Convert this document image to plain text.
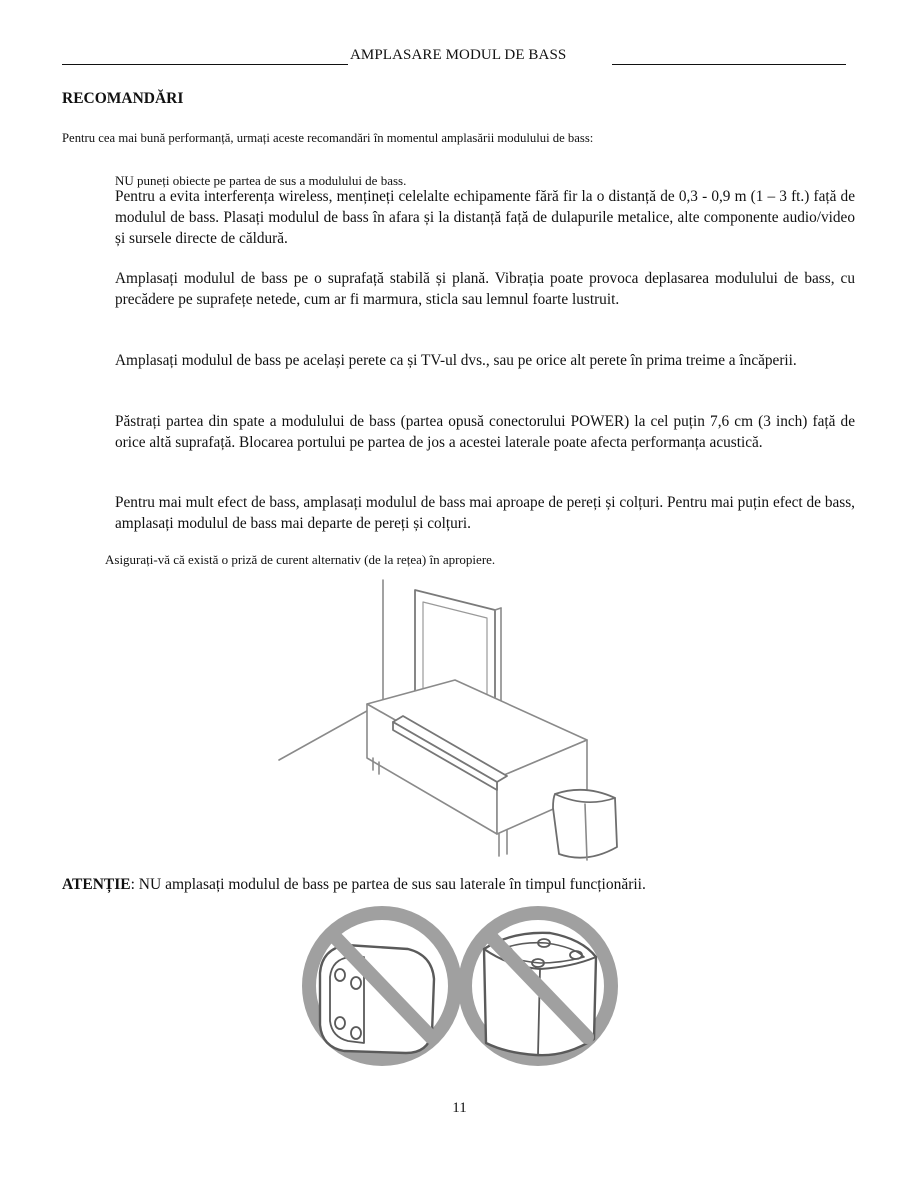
AMPLASARE MODUL DE BASS
RECOMANDĂRI
Pentru cea mai bună performanță, urmați aceste recomandări în momentul amplasării modulului de bass:
NU puneți obiecte pe partea de sus a modulului de bass.
Pentru a evita interferența wireless, mențineți celelalte echipamente fără fir la o distanță de 0,3 - 0,9 m (1 – 3 ft.) față de modulul de bass. Plasați modulul de bass în afara și la distanță față de dulapurile metalice, alte componente audio/video și sursele directe de căldură.
Amplasați modulul de bass pe o suprafață stabilă și plană. Vibrația poate provoca deplasarea modulului de bass, cu precădere pe suprafețe netede, cum ar fi marmura, sticla sau lemnul foarte lustruit.
Amplasați modulul de bass pe același perete ca și TV-ul dvs., sau pe orice alt perete în prima treime a încăperii.
Păstrați partea din spate a modulului de bass (partea opusă conectorului POWER) la cel puțin 7,6 cm (3 inch) față de orice altă suprafață. Blocarea portului pe partea de jos a acestei laterale poate afecta performanța acustică.
Pentru mai mult efect de bass, amplasați modulul de bass mai aproape de pereți și colțuri. Pentru mai puțin efect de bass, amplasați modulul de bass mai departe de pereți și colțuri.
Asigurați-vă că există o priză de curent alternativ (de la rețea) în apropiere.
ATENȚIE: NU amplasați modulul de bass pe partea de sus sau laterale în timpul funcționării.
11
